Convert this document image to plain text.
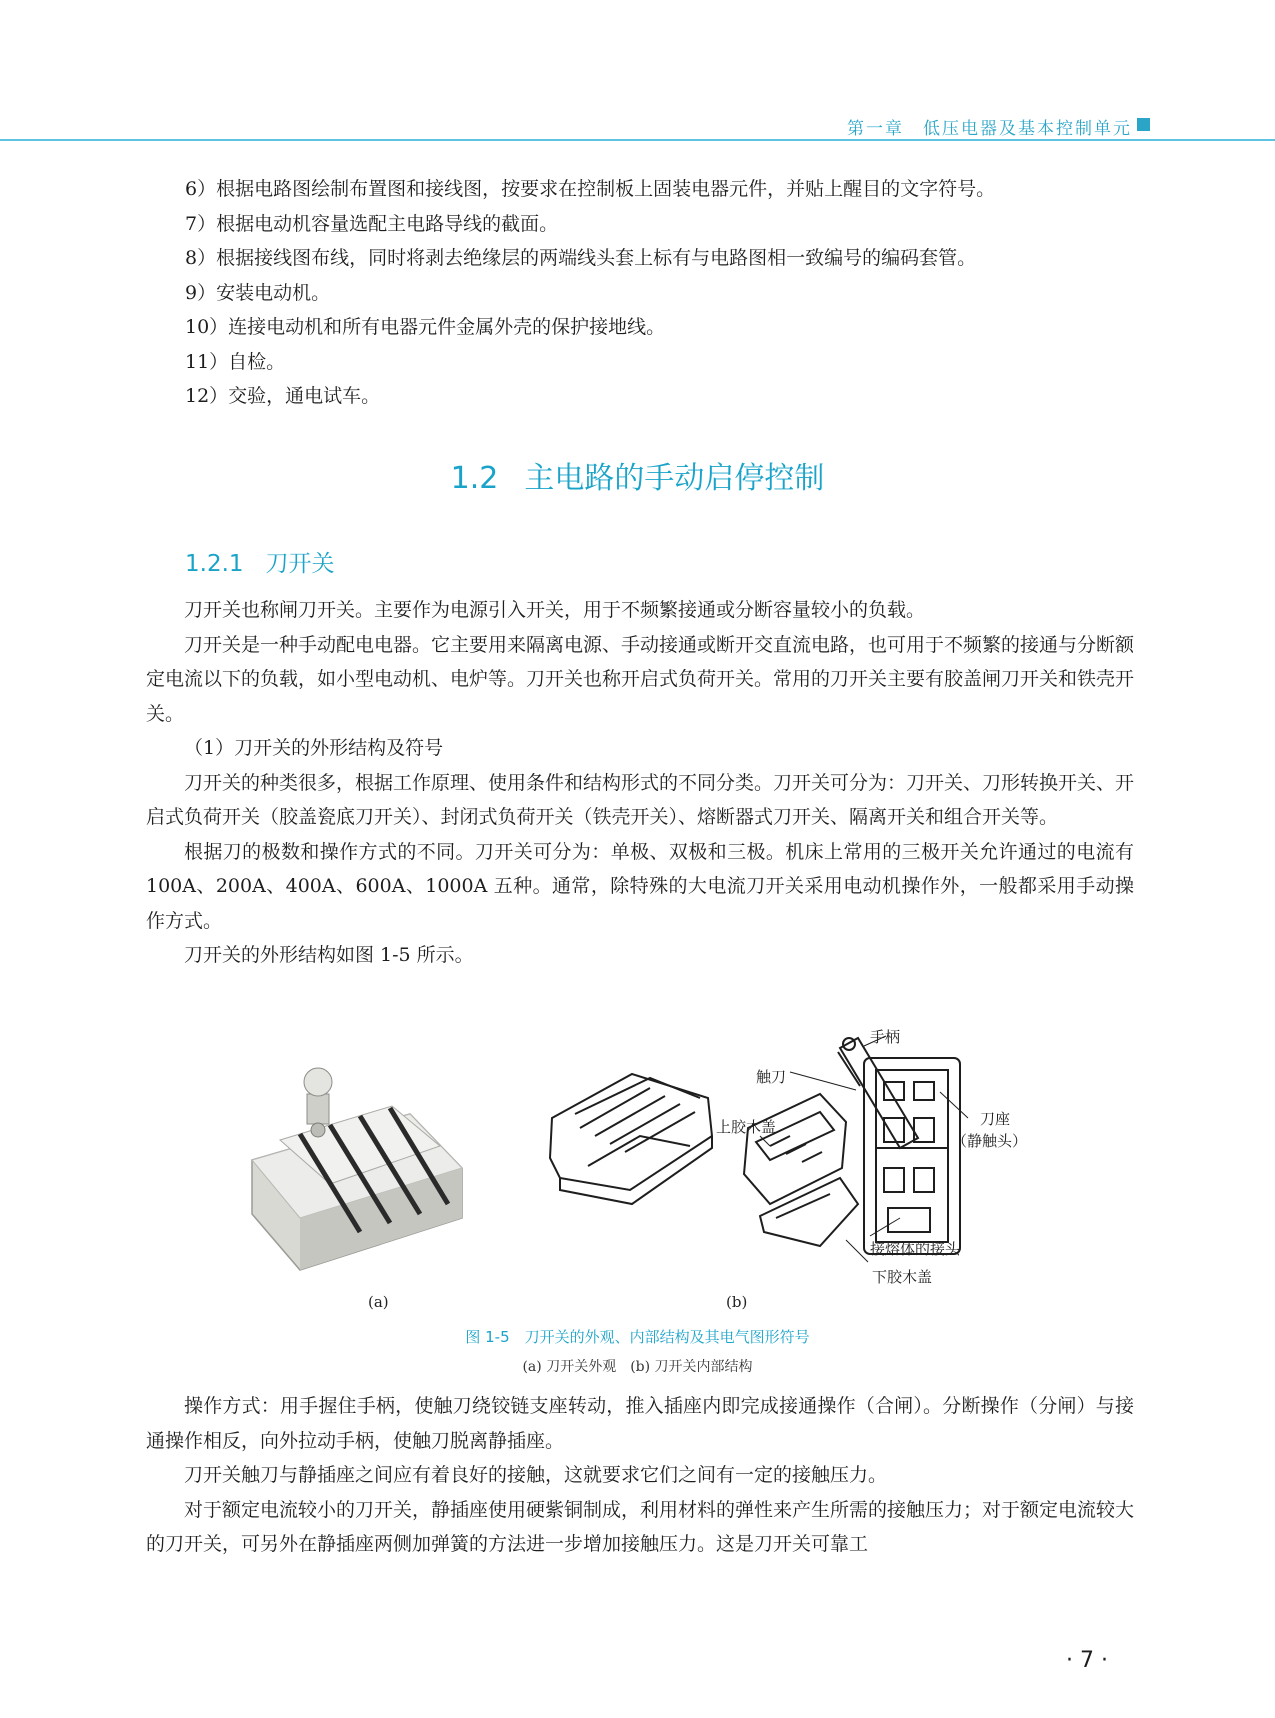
第一章　低压电器及基本控制单元
6）根据电路图绘制布置图和接线图，按要求在控制板上固装电器元件，并贴上醒目的文字符号。
7）根据电动机容量选配主电路导线的截面。
8）根据接线图布线，同时将剥去绝缘层的两端线头套上标有与电路图相一致编号的编码套管。
9）安装电动机。
10）连接电动机和所有电器元件金属外壳的保护接地线。
11）自检。
12）交验，通电试车。
1.2 主电路的手动启停控制
1.2.1 刀开关

刀开关也称闸刀开关。主要作为电源引入开关，用于不频繁接通或分断容量较小的负载。

刀开关是一种手动配电电器。它主要用来隔离电源、手动接通或断开交直流电路，也可用于不频繁的接通与分断额定电流以下的负载，如小型电动机、电炉等。刀开关也称开启式负荷开关。常用的刀开关主要有胶盖闸刀开关和铁壳开关。

（1）刀开关的外形结构及符号

刀开关的种类很多，根据工作原理、使用条件和结构形式的不同分类。刀开关可分为：刀开关、刀形转换开关、开启式负荷开关（胶盖瓷底刀开关）、封闭式负荷开关（铁壳开关）、熔断器式刀开关、隔离开关和组合开关等。

根据刀的极数和操作方式的不同。刀开关可分为：单极、双极和三极。机床上常用的三极开关允许通过的电流有 100A、200A、400A、600A、1000A 五种。通常，除特殊的大电流刀开关采用电动机操作外，一般都采用手动操作方式。

刀开关的外形结构如图 1-5 所示。

手柄
触刀
上胶木盖	刀座
（静触头）
接熔体的接头
下胶木盖
(a)	(b)
图 1-5　刀开关的外观、内部结构及其电气图形符号
(a) 刀开关外观　(b) 刀开关内部结构

操作方式：用手握住手柄，使触刀绕铰链支座转动，推入插座内即完成接通操作（合闸）。分断操作（分闸）与接通操作相反，向外拉动手柄，使触刀脱离静插座。

刀开关触刀与静插座之间应有着良好的接触，这就要求它们之间有一定的接触压力。

对于额定电流较小的刀开关，静插座使用硬紫铜制成，利用材料的弹性来产生所需的接触压力；对于额定电流较大的刀开关，可另外在静插座两侧加弹簧的方法进一步增加接触压力。这是刀开关可靠工

· 7 ·
